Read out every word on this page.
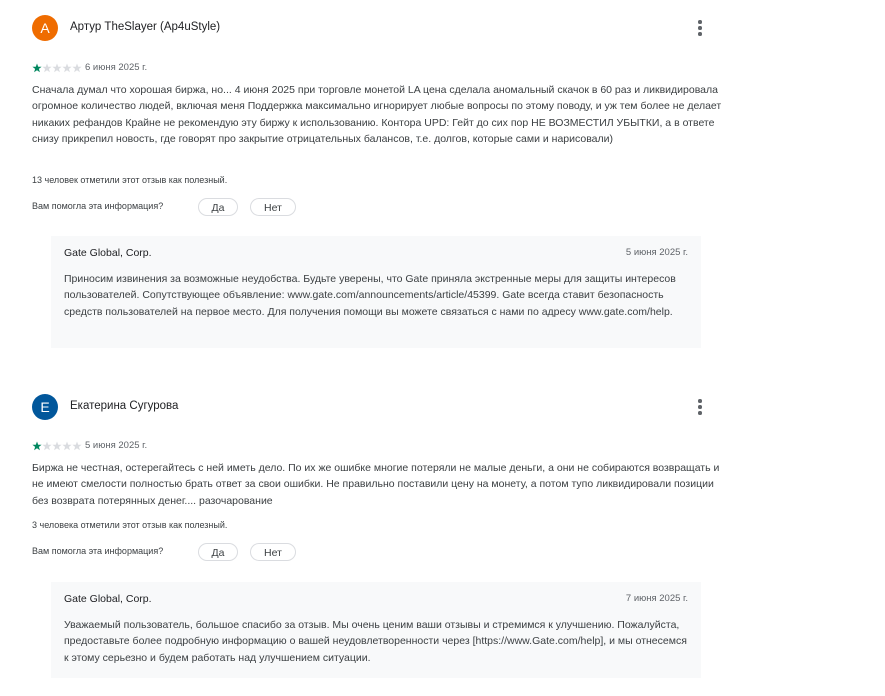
A	Артур TheSlayer (Ap4uStyle)
6 июня 2025 г.
Сначала думал что хорошая биржа, но... 4 июня 2025 при торговле монетой LA цена сделала аномальный скачок в 60 раз и ликвидировала огромное количество людей, включая меня Поддержка максимально игнорирует любые вопросы по этому поводу, и уж тем более не делает никаких рефандов Крайне не рекомендую эту биржу к использованию. Контора UPD: Гейт до сих пор НЕ ВОЗМЕСТИЛ УБЫТКИ, а в ответе снизу прикрепил новость, где говорят про закрытие отрицательных балансов, т.е. долгов, которые сами и нарисовали)
13 человек отметили этот отзыв как полезный.
Вам помогла эта информация?	Да	Нет
Gate Global, Corp.	5 июня 2025 г.
Приносим извинения за возможные неудобства. Будьте уверены, что Gate приняла экстренные меры для защиты интересов пользователей. Сопутствующее объявление: www.gate.com/announcements/article/45399. Gate всегда ставит безопасность средств пользователей на первое место. Для получения помощи вы можете связаться с нами по адресу www.gate.com/help.
E	Екатерина Сугурова
5 июня 2025 г.
Биржа не честная, остерегайтесь с ней иметь дело. По их же ошибке многие потеряли не малые деньги, а они не собираются возвращать и не имеют смелости полностью брать ответ за свои ошибки. Не правильно поставили цену на монету, а потом тупо ликвидировали позиции без возврата потерянных денег.... разочарование
3 человека отметили этот отзыв как полезный.
Вам помогла эта информация?	Да	Нет
Gate Global, Corp.	7 июня 2025 г.
Уважаемый пользователь, большое спасибо за отзыв. Мы очень ценим ваши отзывы и стремимся к улучшению. Пожалуйста, предоставьте более подробную информацию о вашей неудовлетворенности через [https://www.Gate.com/help], и мы отнесемся к этому серьезно и будем работать над улучшением ситуации.
